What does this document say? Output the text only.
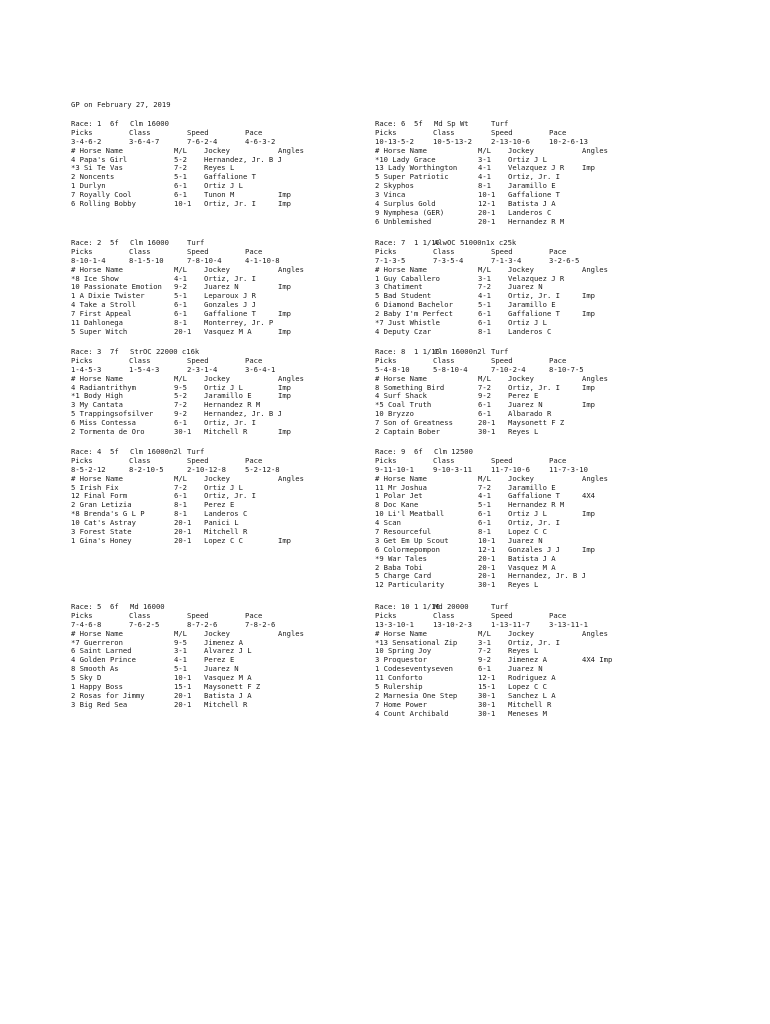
GP on February 27, 2019
Race: 1 6f Clm 16000
Picks	Class	Speed	Pace
3-4-6-2	3-6-4-7	7-6-2-4	4-6-3-2
# Horse Name	M/L Jockey	Angles
4 Papa's Girl	5-2 Hernandez, Jr. B J
*3 Si Te Vas	7-2 Reyes L
2 Noncents	5-1 Gaffalione T
1 Durlyn	6-1 Ortiz J L
7 Royally Cool	6-1 Tunon M	Imp
6 Rolling Bobby	10-1 Ortiz, Jr. I	Imp
Race: 6 5f Md Sp Wt	Turf
Picks	Class	Speed	Pace
10-13-5-2	10-5-13-2	2-13-10-6	10-2-6-13
# Horse Name	M/L Jockey	Angles
*10 Lady Grace	3-1 Ortiz J L
13 Lady Worthington	4-1 Velazquez J R Imp
5 Super Patriotic	4-1 Ortiz, Jr. I
2 Skyphos	8-1 Jaramillo E
3 Vinca	10-1 Gaffalione T
4 Surplus Gold	12-1 Batista J A
9 Nymphesa (GER)	20-1 Landeros C
6 Unblemished	20-1 Hernandez R M
Race: 2 5f Clm 16000	Turf
Picks	Class	Speed	Pace
8-10-1-4	8-1-5-10	7-8-10-4	4-1-10-8
# Horse Name	M/L Jockey	Angles
*8 Ice Show	4-1 Ortiz, Jr. I
10 Passionate Emotion 9-2 Juarez N	Imp
1 A Dixie Twister	5-1 Leparoux J R
4 Take a Stroll	6-1 Gonzales J J
7 First Appeal	6-1 Gaffalione T	Imp
11 Dahlonega	8-1 Monterrey, Jr. P
5 Super Witch	20-1 Vasquez M A	Imp
Race: 7 1 1/16
AlwOC 51000n1x c25k
Picks	Class	Speed	Pace
7-1-3-5	7-3-5-4	7-1-3-4	3-2-6-5
# Horse Name	M/L Jockey	Angles
1 Guy Caballero	3-1 Velazquez J R
3 Chatiment	7-2 Juarez N
5 Bad Student	4-1 Ortiz, Jr. I	Imp
6 Diamond Bachelor	5-1 Jaramillo E
2 Baby I'm Perfect	6-1 Gaffalione T	Imp
*7 Just Whistle	6-1 Ortiz J L
4 Deputy Czar	8-1 Landeros C
Race: 3 7f StrOC 22000 c16k
Picks	Class	Speed	Pace
1-4-5-3	1-5-4-3	2-3-1-4	3-6-4-1
# Horse Name	M/L Jockey	Angles
4 Radiantrithym	9-5 Ortiz J L	Imp
*1 Body High	5-2 Jaramillo E	Imp
3 My Cantata	7-2 Hernandez R M
5 Trappingsofsilver	9-2 Hernandez, Jr. B J
6 Miss Contessa	6-1 Ortiz, Jr. I
2 Tormenta de Oro	30-1 Mitchell R	Imp
Race: 8 1 1/16
Clm 16000n2l Turf
Picks	Class	Speed	Pace
5-4-8-10	5-8-10-4	7-10-2-4	8-10-7-5
# Horse Name	M/L Jockey	Angles
8 Something Bird	7-2 Ortiz, Jr. I	Imp
4 Surf Shack	9-2 Perez E
*5 Coal Truth	6-1 Juarez N	Imp
10 Bryzzo	6-1 Albarado R
7 Son of Greatness	20-1 Maysonett F Z
2 Captain Bober	30-1 Reyes L
Race: 4 5f Clm 16000n2l Turf
Picks	Class	Speed	Pace
8-5-2-12	8-2-10-5	2-10-12-8	5-2-12-8
# Horse Name	M/L Jockey	Angles
5 Irish Fix	7-2 Ortiz J L
12 Final Form	6-1 Ortiz, Jr. I
2 Gran Letizia	8-1 Perez E
*8 Brenda's G L P	8-1 Landeros C
10 Cat's Astray	20-1 Panici L
3 Forest State	20-1 Mitchell R
1 Gina's Honey	20-1 Lopez C C	Imp
Race: 9 6f Clm 12500
Picks	Class	Speed	Pace
9-11-10-1	9-10-3-11	11-7-10-6	11-7-3-10
# Horse Name	M/L Jockey	Angles
11 Mr Joshua	7-2 Jaramillo E
1 Polar Jet	4-1 Gaffalione T	4X4
8 Doc Kane	5-1 Hernandez R M
10 Li'l Meatball	6-1 Ortiz J L	Imp
4 Scan	6-1 Ortiz, Jr. I
7 Resourceful	8-1 Lopez C C
3 Get Em Up Scout	10-1 Juarez N
6 Colormepompon	12-1 Gonzales J J	Imp
*9 War Tales	20-1 Batista J A
2 Baba Tobi	20-1 Vasquez M A
5 Charge Card	20-1 Hernandez, Jr. B J
12 Particularity	30-1 Reyes L
Race: 5 6f Md 16000
Picks	Class	Speed	Pace
7-4-6-8	7-6-2-5	8-7-2-6	7-8-2-6
# Horse Name	M/L Jockey	Angles
*7 Guerreron	9-5 Jimenez A
6 Saint Larned	3-1 Alvarez J L
4 Golden Prince	4-1 Perez E
8 Smooth As	5-1 Juarez N
5 Sky D	10-1 Vasquez M A
1 Happy Boss	15-1 Maysonett F Z
2 Rosas for Jimmy	20-1 Batista J A
3 Big Red Sea	20-1 Mitchell R
Race: 10 1 1/16
Md 20000	Turf
Picks	Class	Speed	Pace
13-3-10-1	13-10-2-3	1-13-11-7	3-13-11-1
# Horse Name	M/L Jockey	Angles
*13 Sensational Zip	3-1 Ortiz, Jr. I
10 Spring Joy	7-2 Reyes L
3 Proquestor	9-2 Jimenez A	4X4 Imp
1 Codeseventyseven	6-1 Juarez N
11 Conforto	12-1 Rodriguez A
5 Rulership	15-1 Lopez C C
2 Marnesia One Step	30-1 Sanchez L A
7 Home Power	30-1 Mitchell R
4 Count Archibald	30-1 Meneses M
